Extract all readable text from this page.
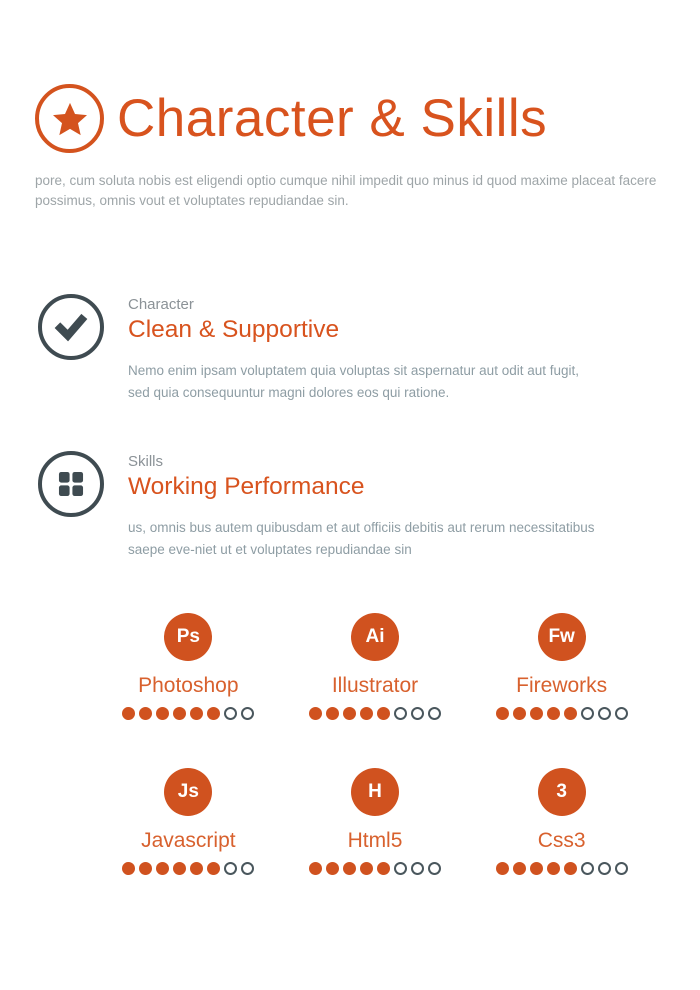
Character & Skills

pore, cum soluta nobis est eligendi optio cumque nihil impedit quo minus id quod maxime placeat facere possimus, omnis vout et voluptates repudiandae sin.

Character
Clean & Supportive

Nemo enim ipsam voluptatem quia voluptas sit aspernatur aut odit aut fugit, sed quia consequuntur magni dolores eos qui ratione.

Skills
Working Performance

us, omnis bus autem quibusdam et aut officiis debitis aut rerum necessitatibus saepe eve-niet ut et voluptates repudiandae sin

Ps
Photoshop
Ai
Illustrator
Fw
Fireworks
Js
Javascript
H
Html5
3
Css3
